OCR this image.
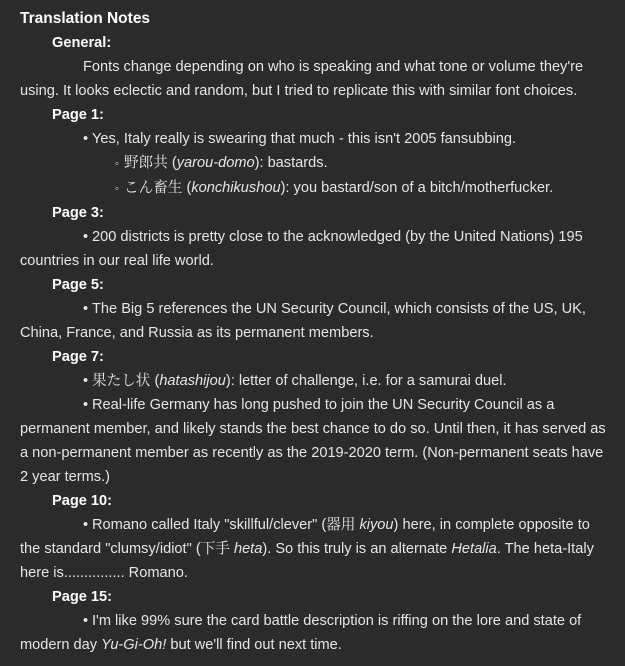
Translation Notes
General:

Fonts change depending on who is speaking and what tone or volume they're using. It looks eclectic and random, but I tried to replicate this with similar font choices.

Page 1:

• Yes, Italy really is swearing that much - this isn't 2005 fansubbing.

◦ 野郎共 (yarou-domo): bastards.

◦ こん畜生 (konchikushou): you bastard/son of a bitch/motherfucker.

Page 3:

• 200 districts is pretty close to the acknowledged (by the United Nations) 195 countries in our real life world.

Page 5:

• The Big 5 references the UN Security Council, which consists of the US, UK, China, France, and Russia as its permanent members.

Page 7:

• 果たし状 (hatashijou): letter of challenge, i.e. for a samurai duel.

• Real-life Germany has long pushed to join the UN Security Council as a permanent member, and likely stands the best chance to do so. Until then, it has served as a non-permanent member as recently as the 2019-2020 term. (Non-permanent seats have 2 year terms.)

Page 10:

• Romano called Italy "skillful/clever" (器用 kiyou) here, in complete opposite to the standard "clumsy/idiot" (下手 heta). So this truly is an alternate Hetalia. The heta-Italy here is............... Romano.

Page 15:

• I'm like 99% sure the card battle description is riffing on the lore and state of modern day Yu-Gi-Oh! but we'll find out next time.
